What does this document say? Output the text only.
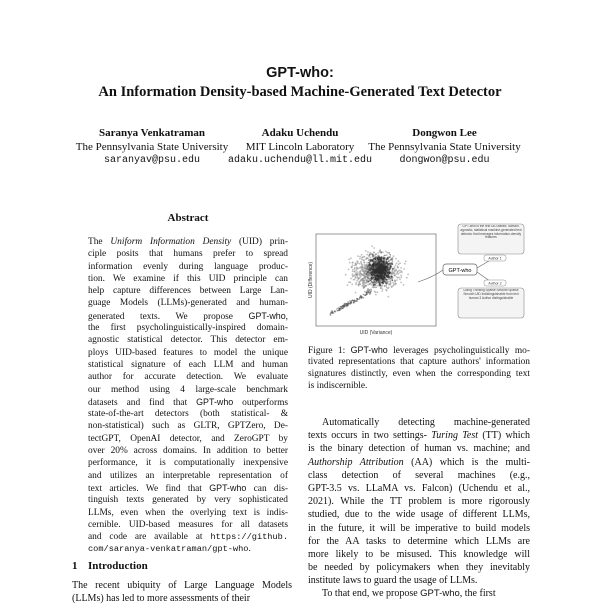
GPT-who:
An Information Density-based Machine-Generated Text Detector
Saranya Venkatraman
The Pennsylvania State University
saranyav@psu.edu
Adaku Uchendu
MIT Lincoln Laboratory
adaku.uchendu@ll.mit.edu
Dongwon Lee
The Pennsylvania State University
dongwon@psu.edu
Abstract
The Uniform Information Density (UID) prin-
ciple posits that humans prefer to spread
information evenly during language produc-
tion. We examine if this UID principle can
help capture differences between Large Lan-
guage Models (LLMs)-generated and human-
generated texts. We propose GPT-who,
the first psycholinguistically-inspired domain-
agnostic statistical detector. This detector em-
ploys UID-based features to model the unique
statistical signature of each LLM and human
author for accurate detection. We evaluate
our method using 4 large-scale benchmark
datasets and find that GPT-who outperforms
state-of-the-art detectors (both statistical- &
non-statistical) such as GLTR, GPTZero, De-
tectGPT, OpenAI detector, and ZeroGPT by
over 20% across domains. In addition to better
performance, it is computationally inexpensive
and utilizes an interpretable representation of
text articles. We find that GPT-who can dis-
tinguish texts generated by very sophisticated
LLMs, even when the overlying text is indis-
cernible. UID-based measures for all datasets
and code are available at https://github.
com/saranya-venkatraman/gpt-who.
1 Introduction
The recent ubiquity of Large Language Models
(LLMs) has led to more assessments of their
UID (Variance)
UID (Difference)	GPT-who
GPT-who is the first UID-based, domain-agnostic, statistical machine-generated text detector that leverages information-density features
Author 1
Author 2
Doing Thinking Sparse Smooth Sparse Smooth UID Indistinguishable from text human 3 Author distinguishable
Figure 1: GPT-who leverages psycholinguistically mo-
tivated representations that capture authors' information
signatures distinctly, even when the corresponding text
is indiscernible.
Automatically detecting machine-generated
texts occurs in two settings- Turing Test (TT) which
is the binary detection of human vs. machine; and
Authorship Attribution (AA) which is the multi-
class detection of several machines (e.g.,
GPT-3.5 vs. LLaMA vs. Falcon) (Uchendu et al.,
2021). While the TT problem is more rigorously
studied, due to the wide usage of different LLMs,
in the future, it will be imperative to build models
for the AA tasks to determine which LLMs are
more likely to be misused. This knowledge will
be needed by policymakers when they inevitably
institute laws to guard the usage of LLMs.
To that end, we propose GPT-who, the first
